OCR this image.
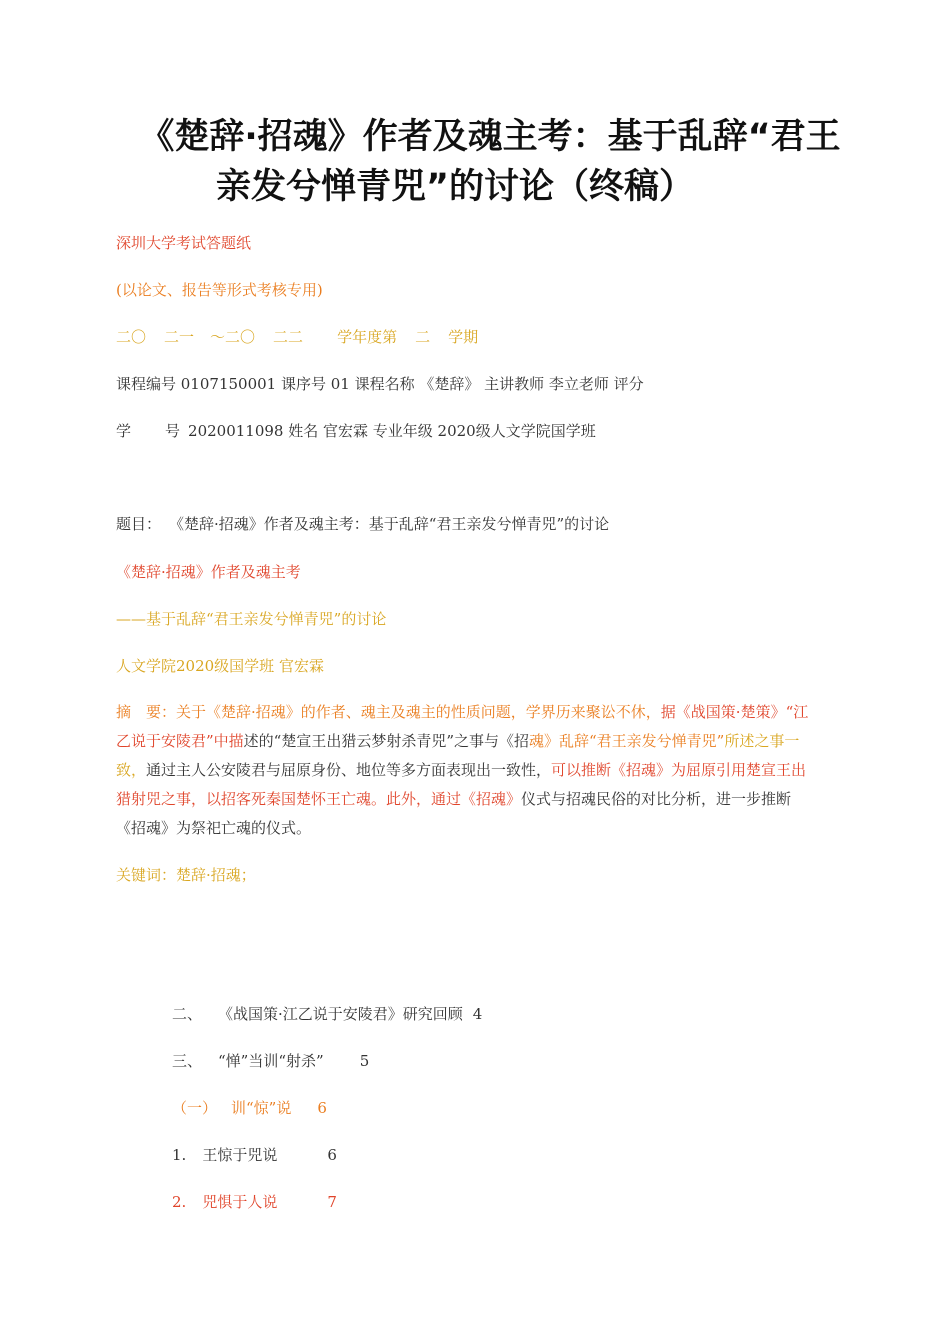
《楚辞·招魂》作者及魂主考：基于乱辞“君王
亲发兮惮青兕”的讨论（终稿）
深圳大学考试答题纸
(以论文、报告等形式考核专用)
二〇 二一 ～二〇 二二 学年度第 二 学期
课程编号 0107150001 课序号 01 课程名称 《楚辞》 主讲教师 李立老师 评分
学 号 2020011098 姓名 官宏霖 专业年级 2020级人文学院国学班
题目： 《楚辞·招魂》作者及魂主考：基于乱辞“君王亲发兮惮青兕”的讨论
《楚辞·招魂》作者及魂主考
——基于乱辞“君王亲发兮惮青兕”的讨论
人文学院2020级国学班 官宏霖
摘　要：关于《楚辞·招魂》的作者、魂主及魂主的性质问题，学界历来聚讼不休，据《战国策·楚策》“江乙说于安陵君”中描述的“楚宣王出猎云梦射杀青兕”之事与《招魂》乱辞“君王亲发兮惮青兕”所述之事一致，通过主人公安陵君与屈原身份、地位等多方面表现出一致性，可以推断《招魂》为屈原引用楚宣王出猎射兕之事，以招客死秦国楚怀王亡魂。此外，通过《招魂》仪式与招魂民俗的对比分析，进一步推断《招魂》为祭祀亡魂的仪式。
关键词：楚辞·招魂；
二、 《战国策·江乙说于安陵君》研究回顾 4
三、 “惮”当训“射杀” 5
（一） 训“惊”说 6
1. 王惊于兕说	6
2. 兕惧于人说	7
